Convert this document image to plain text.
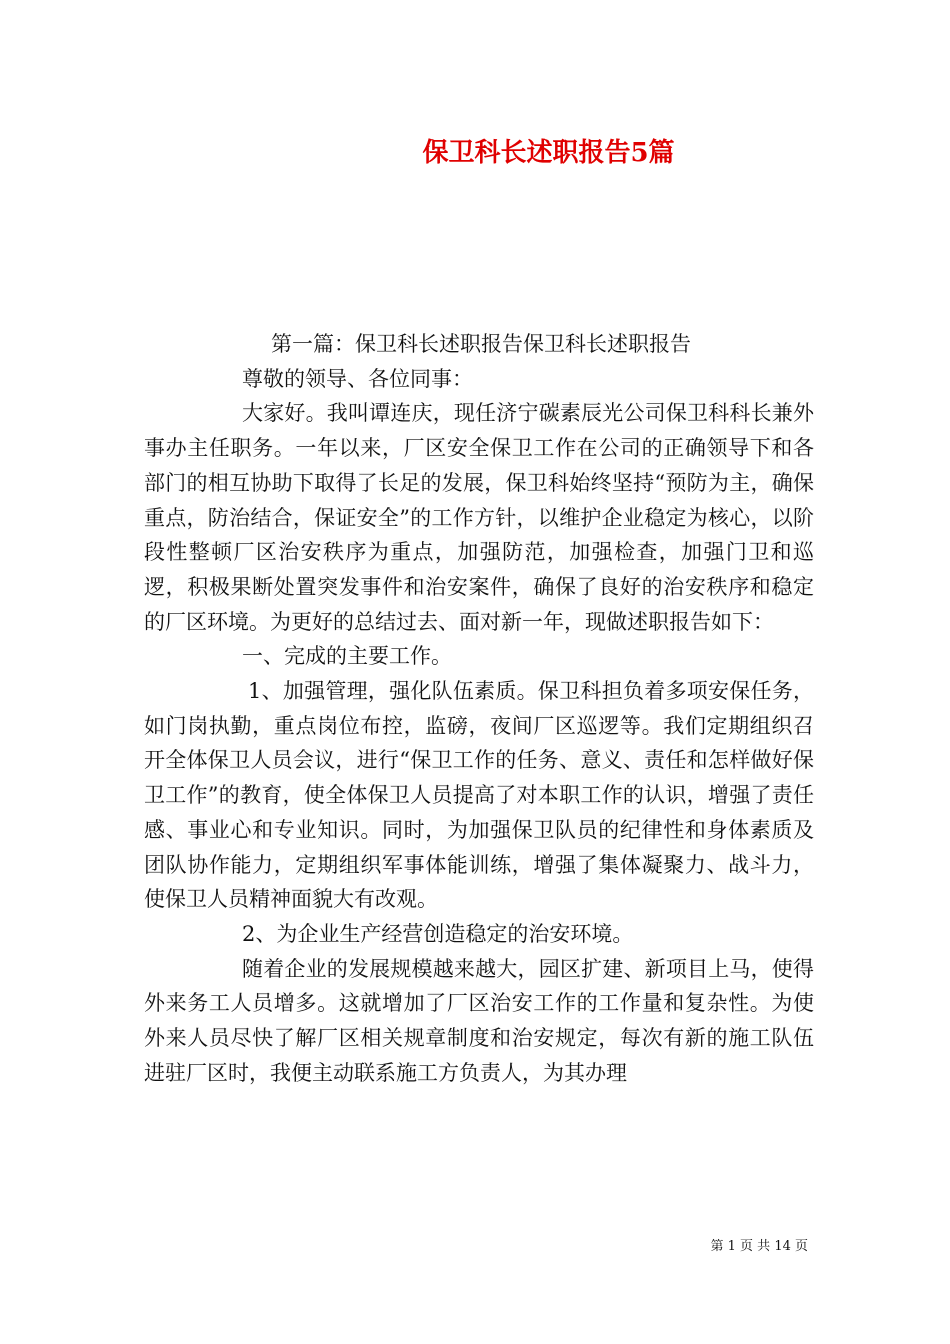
保卫科长述职报告5篇

第一篇：保卫科长述职报告保卫科长述职报告

尊敬的领导、各位同事：

大家好。我叫谭连庆，现任济宁碳素辰光公司保卫科科长兼外事办主任职务。一年以来，厂区安全保卫工作在公司的正确领导下和各部门的相互协助下取得了长足的发展，保卫科始终坚持“预防为主，确保重点，防治结合，保证安全”的工作方针，以维护企业稳定为核心，以阶段性整顿厂区治安秩序为重点，加强防范，加强检查，加强门卫和巡逻，积极果断处置突发事件和治安案件，确保了良好的治安秩序和稳定的厂区环境。为更好的总结过去、面对新一年，现做述职报告如下：

一、完成的主要工作。

1、加强管理，强化队伍素质。保卫科担负着多项安保任务，如门岗执勤，重点岗位布控，监磅，夜间厂区巡逻等。我们定期组织召开全体保卫人员会议，进行“保卫工作的任务、意义、责任和怎样做好保卫工作”的教育，使全体保卫人员提高了对本职工作的认识，增强了责任感、事业心和专业知识。同时，为加强保卫队员的纪律性和身体素质及团队协作能力，定期组织军事体能训练，增强了集体凝聚力、战斗力，使保卫人员精神面貌大有改观。

2、为企业生产经营创造稳定的治安环境。

随着企业的发展规模越来越大，园区扩建、新项目上马，使得外来务工人员增多。这就增加了厂区治安工作的工作量和复杂性。为使外来人员尽快了解厂区相关规章制度和治安规定，每次有新的施工队伍进驻厂区时，我便主动联系施工方负责人，为其办理

第 1 页 共 14 页
